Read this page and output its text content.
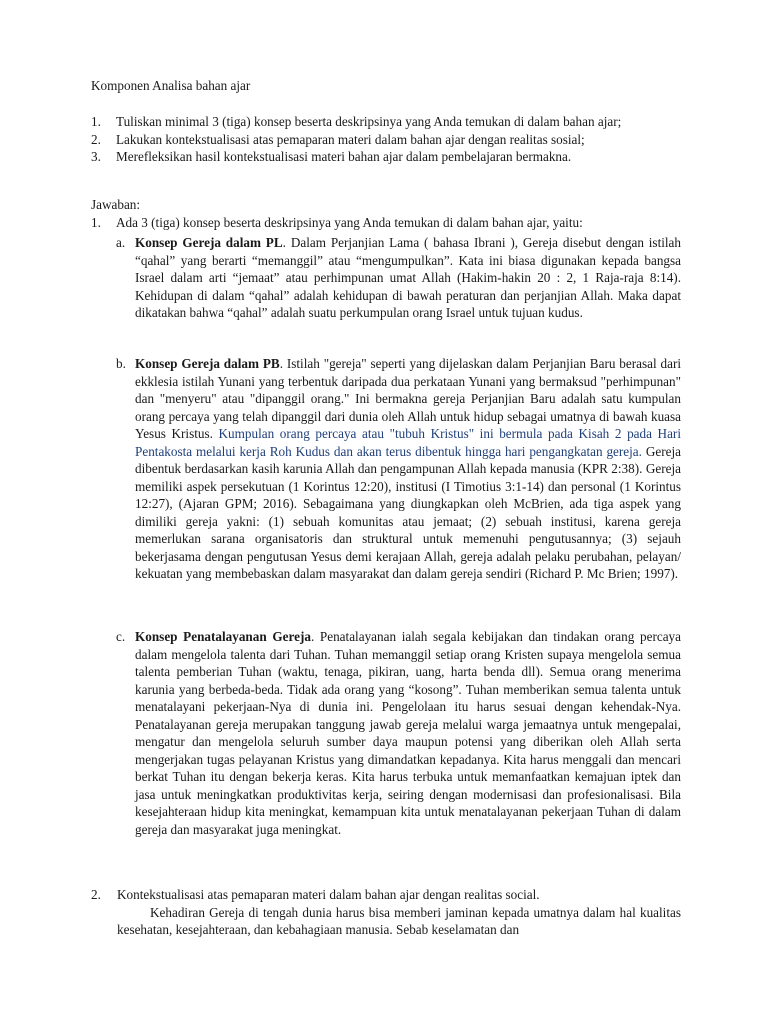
Komponen Analisa bahan ajar
1. Tuliskan minimal 3 (tiga) konsep beserta deskripsinya yang Anda temukan di dalam bahan ajar;
2. Lakukan kontekstualisasi atas pemaparan materi dalam bahan ajar dengan realitas sosial;
3. Merefleksikan hasil kontekstualisasi materi bahan ajar dalam pembelajaran bermakna.
Jawaban:
1. Ada 3 (tiga) konsep beserta deskripsinya yang Anda temukan di dalam bahan ajar, yaitu:
a. Konsep Gereja dalam PL. Dalam Perjanjian Lama ( bahasa Ibrani ), Gereja disebut dengan istilah “qahal” yang berarti “memanggil” atau “mengumpulkan”. Kata ini biasa digunakan kepada bangsa Israel dalam arti “jemaat” atau perhimpunan umat Allah (Hakim-hakin 20 : 2, 1 Raja-raja 8:14). Kehidupan di dalam “qahal” adalah kehidupan di bawah peraturan dan perjanjian Allah. Maka dapat dikatakan bahwa “qahal” adalah suatu perkumpulan orang Israel untuk tujuan kudus.
b. Konsep Gereja dalam PB. Istilah "gereja" seperti yang dijelaskan dalam Perjanjian Baru berasal dari ekklesia istilah Yunani yang terbentuk daripada dua perkataan Yunani yang bermaksud "perhimpunan" dan "menyeru" atau "dipanggil orang." Ini bermakna gereja Perjanjian Baru adalah satu kumpulan orang percaya yang telah dipanggil dari dunia oleh Allah untuk hidup sebagai umatnya di bawah kuasa Yesus Kristus. Kumpulan orang percaya atau "tubuh Kristus" ini bermula pada Kisah 2 pada Hari Pentakosta melalui kerja Roh Kudus dan akan terus dibentuk hingga hari pengangkatan gereja. Gereja dibentuk berdasarkan kasih karunia Allah dan pengampunan Allah kepada manusia (KPR 2:38). Gereja memiliki aspek persekutuan (1 Korintus 12:20), institusi (I Timotius 3:1-14) dan personal (1 Korintus 12:27), (Ajaran GPM; 2016). Sebagaimana yang diungkapkan oleh McBrien, ada tiga aspek yang dimiliki gereja yakni: (1) sebuah komunitas atau jemaat; (2) sebuah institusi, karena gereja memerlukan sarana organisatoris dan struktural untuk memenuhi pengutusannya; (3) sejauh bekerjasama dengan pengutusan Yesus demi kerajaan Allah, gereja adalah pelaku perubahan, pelayan/ kekuatan yang membebaskan dalam masyarakat dan dalam gereja sendiri (Richard P. Mc Brien; 1997).
c. Konsep Penatalayanan Gereja. Penatalayanan ialah segala kebijakan dan tindakan orang percaya dalam mengelola talenta dari Tuhan. Tuhan memanggil setiap orang Kristen supaya mengelola semua talenta pemberian Tuhan (waktu, tenaga, pikiran, uang, harta benda dll). Semua orang menerima karunia yang berbeda-beda. Tidak ada orang yang “kosong”. Tuhan memberikan semua talenta untuk menatalayani pekerjaan-Nya di dunia ini. Pengelolaan itu harus sesuai dengan kehendak-Nya. Penatalayanan gereja merupakan tanggung jawab gereja melalui warga jemaatnya untuk mengepalai, mengatur dan mengelola seluruh sumber daya maupun potensi yang diberikan oleh Allah serta mengerjakan tugas pelayanan Kristus yang dimandatkan kepadanya. Kita harus menggali dan mencari berkat Tuhan itu dengan bekerja keras. Kita harus terbuka untuk memanfaatkan kemajuan iptek dan jasa untuk meningkatkan produktivitas kerja, seiring dengan modernisasi dan profesionalisasi. Bila kesejahteraan hidup kita meningkat, kemampuan kita untuk menatalayanan pekerjaan Tuhan di dalam gereja dan masyarakat juga meningkat.
2. Kontekstualisasi atas pemaparan materi dalam bahan ajar dengan realitas social.
Kehadiran Gereja di tengah dunia harus bisa memberi jaminan kepada umatnya dalam hal kualitas kesehatan, kesejahteraan, dan kebahagiaan manusia. Sebab keselamatan dan
